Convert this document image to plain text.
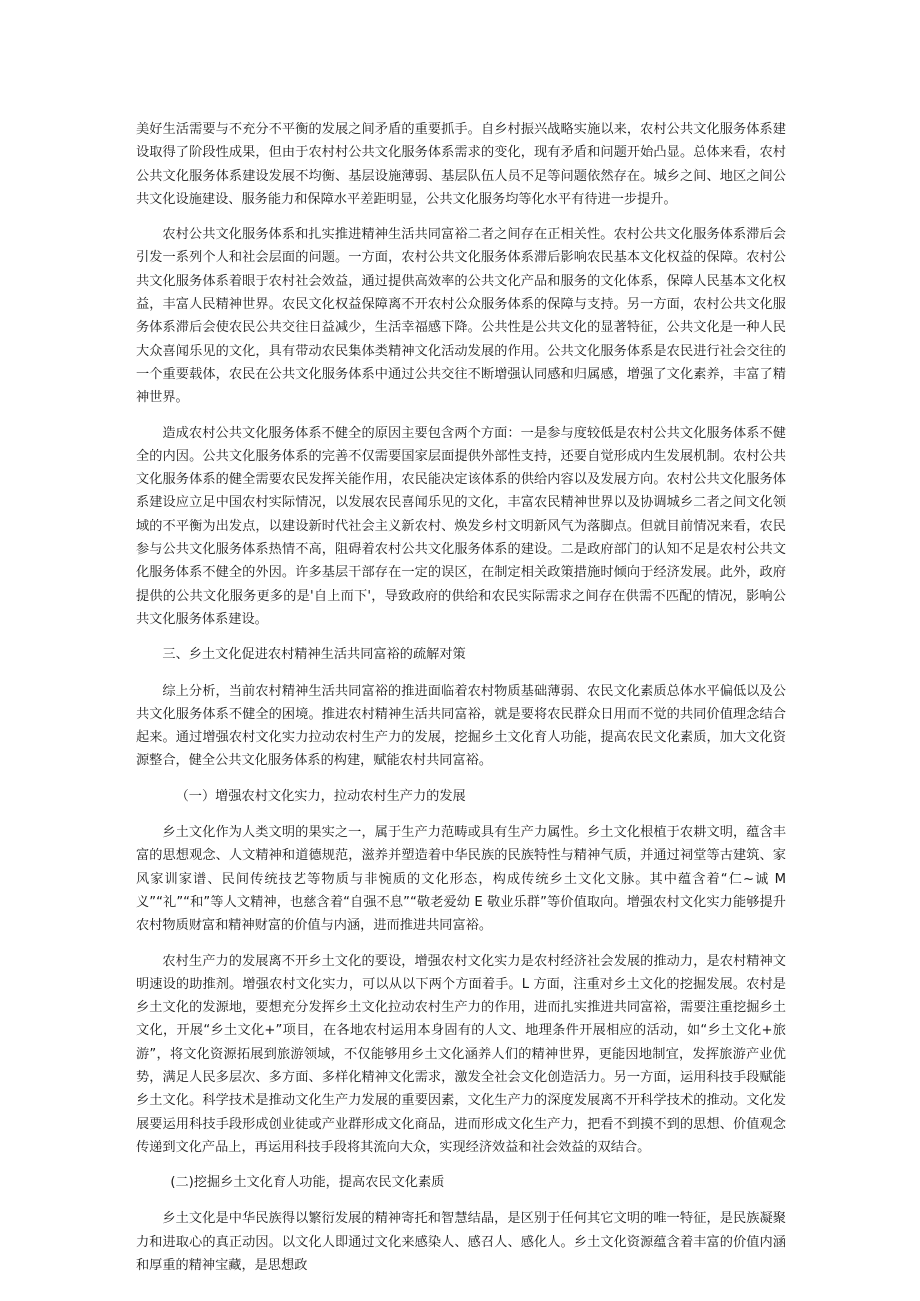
美好生活需要与不充分不平衡的发展之间矛盾的重要抓手。自乡村振兴战略实施以来，农村公共文化服务体系建设取得了阶段性成果，但由于农村村公共文化服务体系需求的变化，现有矛盾和问题开始凸显。总体来看，农村公共文化服务体系建设发展不均衡、基层设施薄弱、基层队伍人员不足等问题依然存在。城乡之间、地区之间公共文化设施建设、服务能力和保障水平差距明显，公共文化服务均等化水平有待进一步提升。

农村公共文化服务体系和扎实推进精神生活共同富裕二者之间存在正相关性。农村公共文化服务体系滞后会引发一系列个人和社会层面的问题。一方面，农村公共文化服务体系滞后影响农民基本文化权益的保障。农村公共文化服务体系着眼于农村社会效益，通过提供高效率的公共文化产品和服务的文化体系，保障人民基本文化权益，丰富人民精神世界。农民文化权益保障离不开农村公众服务体系的保障与支持。另一方面，农村公共文化服务体系滞后会使农民公共交往日益减少，生活幸福感下降。公共性是公共文化的显著特征，公共文化是一种人民大众喜闻乐见的文化，具有带动农民集体类精神文化活动发展的作用。公共文化服务体系是农民进行社会交往的一个重要载体，农民在公共文化服务体系中通过公共交往不断增强认同感和归属感，增强了文化素养，丰富了精神世界。

造成农村公共文化服务体系不健全的原因主要包含两个方面：一是参与度较低是农村公共文化服务体系不健全的内因。公共文化服务体系的完善不仅需要国家层面提供外部性支持，还要自觉形成内生发展机制。农村公共文化服务体系的健全需要农民发挥关能作用，农民能决定该体系的供给内容以及发展方向。农村公共文化服务体系建设应立足中国农村实际情况，以发展农民喜闻乐见的文化，丰富农民精神世界以及协调城乡二者之间文化领域的不平衡为出发点，以建设新时代社会主义新农村、焕发乡村文明新风气为落脚点。但就目前情况来看，农民参与公共文化服务体系热情不高，阻碍着农村公共文化服务体系的建设。二是政府部门的认知不足是农村公共文化服务体系不健全的外因。许多基层干部存在一定的误区，在制定相关政策措施时倾向于经济发展。此外，政府提供的公共文化服务更多的是'自上而下'，导致政府的供给和农民实际需求之间存在供需不匹配的情况，影响公共文化服务体系建设。

三、乡土文化促进农村精神生活共同富裕的疏解对策

综上分析，当前农村精神生活共同富裕的推进面临着农村物质基础薄弱、农民文化素质总体水平偏低以及公共文化服务体系不健全的困境。推进农村精神生活共同富裕，就是要将农民群众日用而不觉的共同价值理念结合起来。通过增强农村文化实力拉动农村生产力的发展，挖掘乡土文化育人功能，提高农民文化素质，加大文化资源整合，健全公共文化服务体系的构建，赋能农村共同富裕。

（一）增强农村文化实力，拉动农村生产力的发展

乡土文化作为人类文明的果实之一，属于生产力范畴或具有生产力属性。乡土文化根植于农耕文明，蕴含丰富的思想观念、人文精神和道德规范，滋养并塑造着中华民族的民族特性与精神气质，并通过祠堂等古建筑、家风家训家谱、民间传统技艺等物质与非惋质的文化形态，构成传统乡土文化文脉。其中蕴含着“仁~诚 M 义”“礼”“和”等人文精神，也慈含着“自强不息”“敬老爱幼 E 敬业乐群”等价值取向。增强农村文化实力能够提升农村物质财富和精神财富的价值与内涵，进而推进共同富裕。

农村生产力的发展离不开乡土文化的要设，增强农村文化实力是农村经济社会发展的推动力，是农村精神文明速设的助推剂。增强农村文化实力，可以从以下两个方面着手。L 方面，注重对乡土文化的挖掘发展。农村是乡土文化的发源地，要想充分发挥乡土文化拉动农村生产力的作用，进而扎实推进共同富裕，需要注重挖掘乡土文化，开展“乡土文化+”项目，在各地农村运用本身固有的人文、地理条件开展相应的活动，如“乡土文化+旅游”，将文化资源拓展到旅游领域，不仅能够用乡土文化涵养人们的精神世界，更能因地制宜，发挥旅游产业优势，满足人民多层次、多方面、多样化精神文化需求，激发全社会文化创造活力。另一方面，运用科技手段赋能乡土文化。科学技术是推动文化生产力发展的重要因素，文化生产力的深度发展离不开科学技术的推动。文化发展要运用科技手段形成创业徒或产业群形成文化商品，进而形成文化生产力，把看不到摸不到的思想、价值观念传递到文化产品上，再运用科技手段将其流向大众，实现经济效益和社会效益的双结合。

(二)挖掘乡土文化育人功能，提高农民文化素质

乡土文化是中华民族得以繁衍发展的精神寄托和智慧结晶，是区别于任何其它文明的唯一特征，是民族凝聚力和进取心的真正动因。以文化人即通过文化来感染人、感召人、感化人。乡土文化资源蕴含着丰富的价值内涵和厚重的精神宝藏，是思想政
